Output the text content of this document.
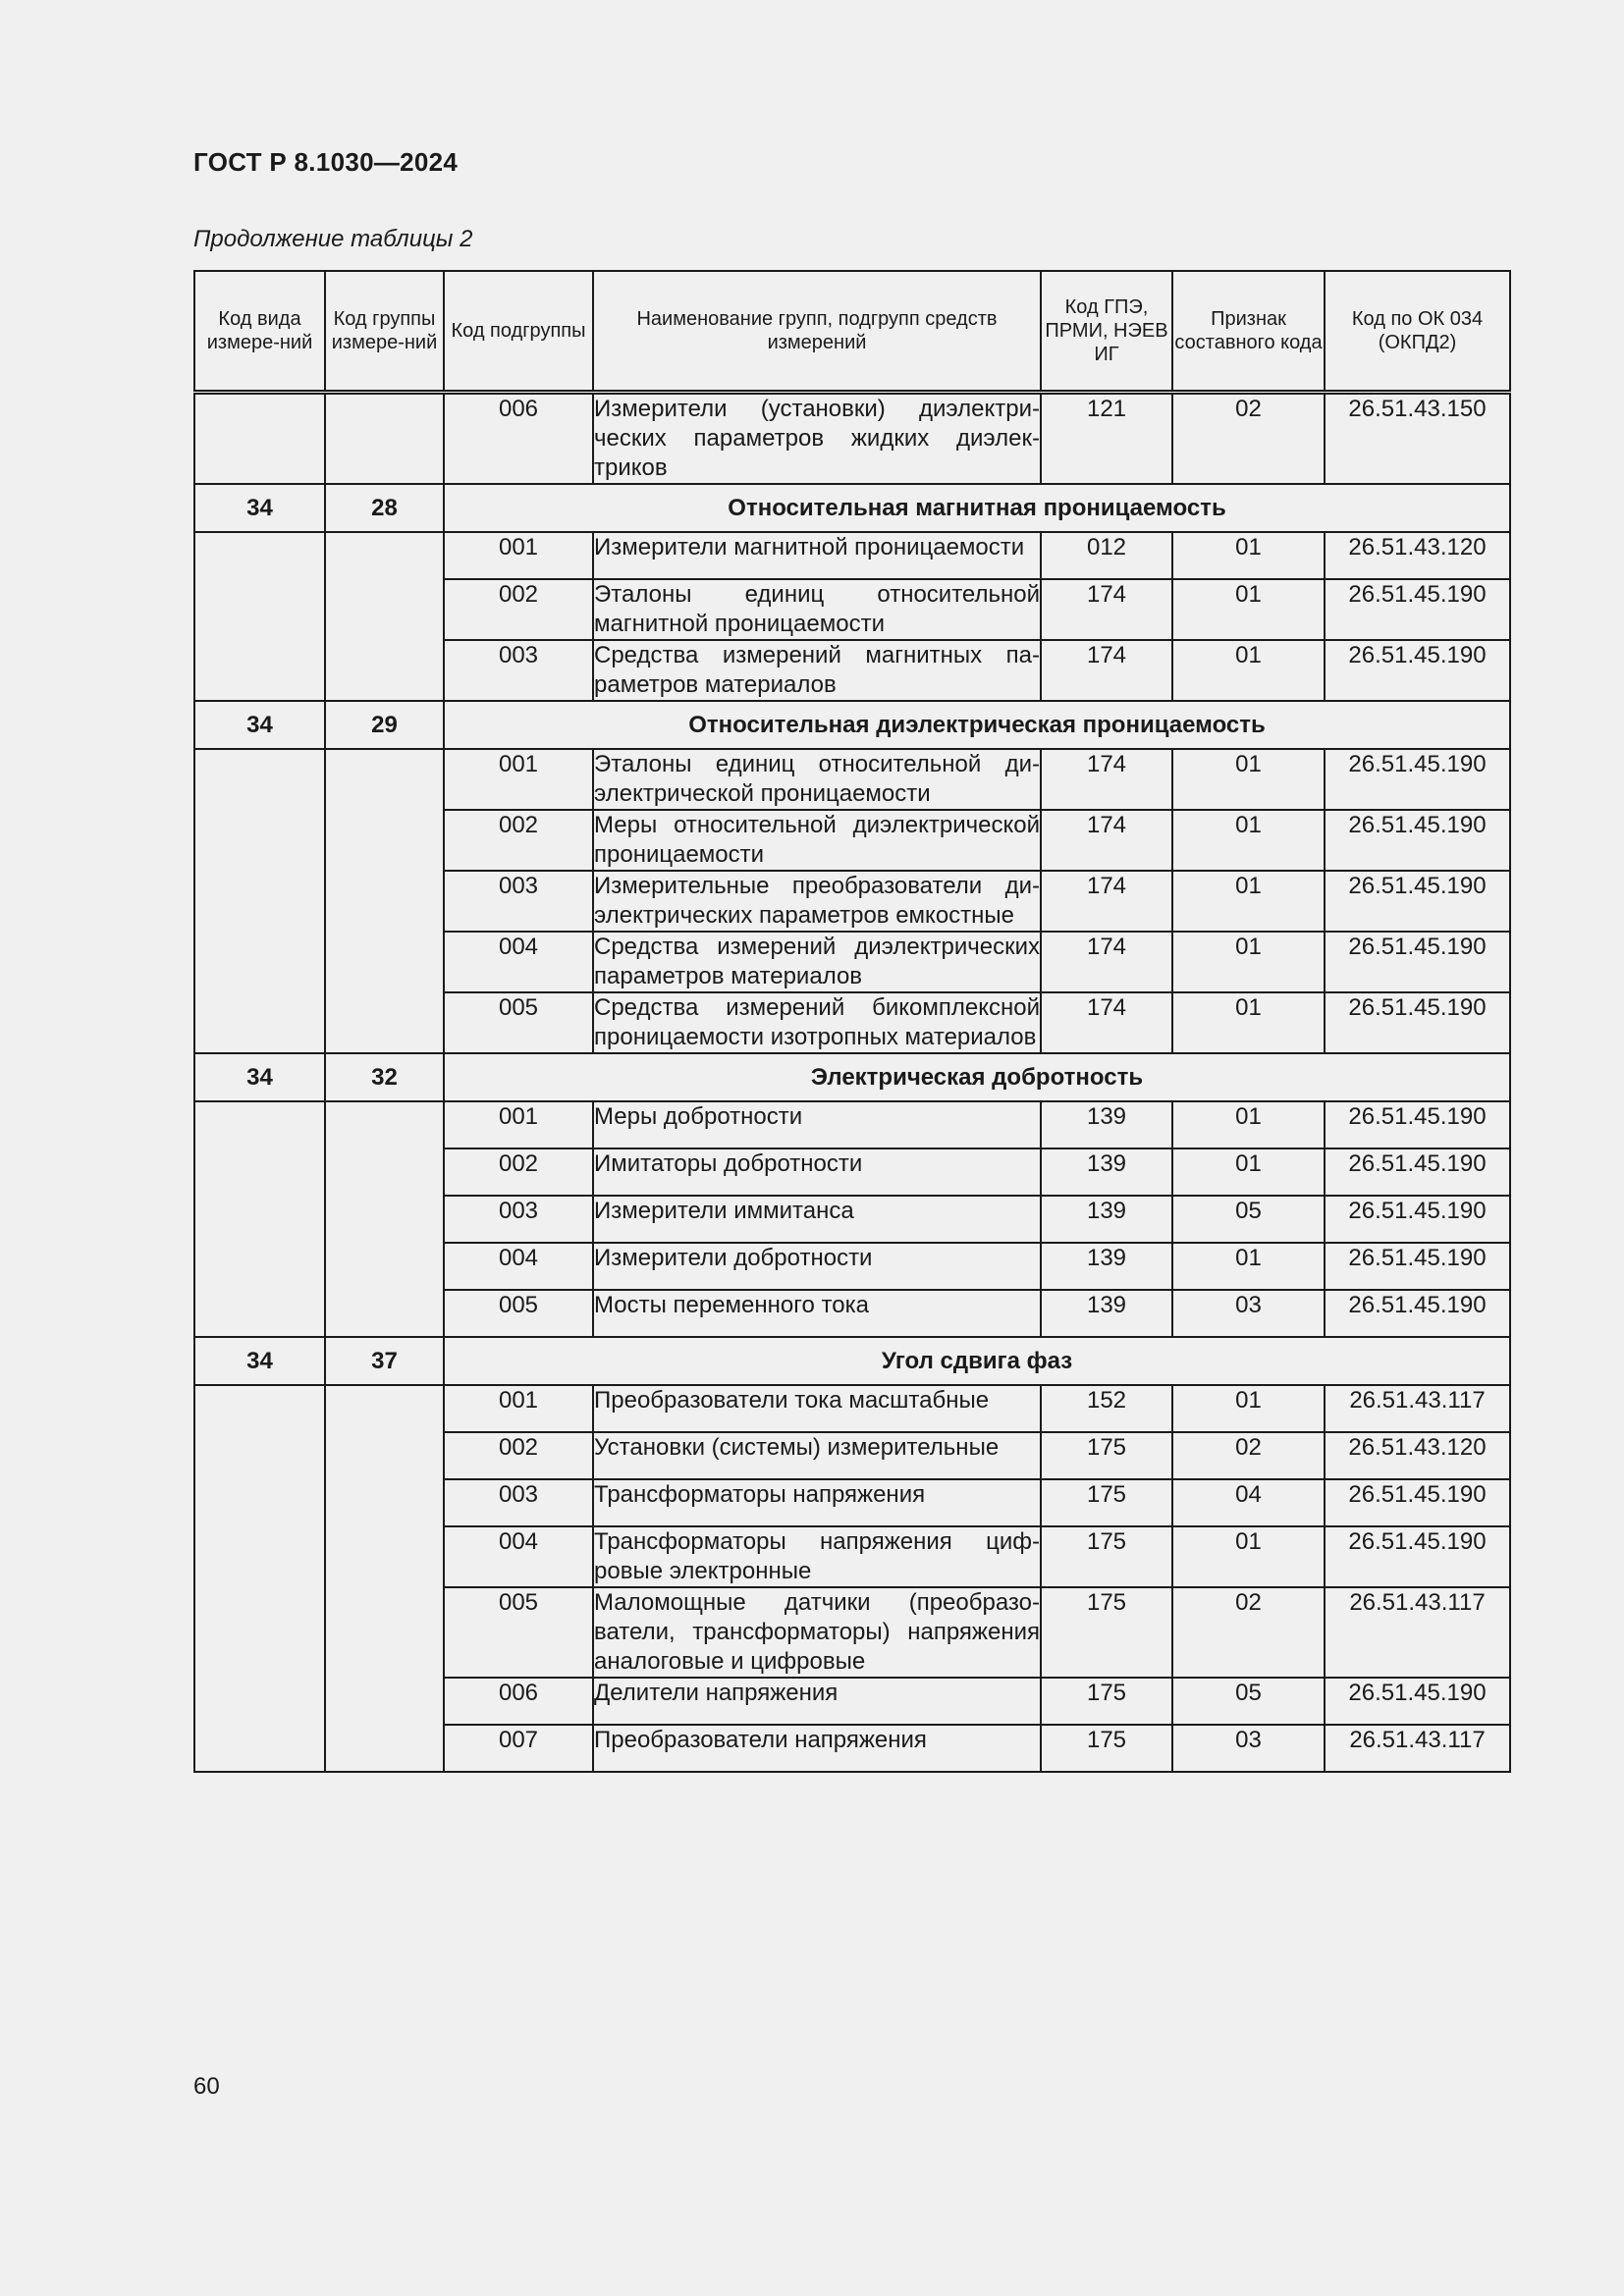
ГОСТ Р 8.1030—2024
Продолжение таблицы 2
Код вида измере-ний	Код группы измере-ний	Код подгруппы	Наименование групп, подгрупп средств измерений	Код ГПЭ, ПРМИ, НЭЕВ ИГ	Признак составного кода	Код по ОК 034 (ОКПД2)
		006	Измерители (установки) диэлектрических параметров жидких диэлектриков	121	02	26.51.43.150
34	28	Относительная магнитная проницаемость				
		001	Измерители магнитной проницаемости	012	01	26.51.43.120
		002	Эталоны единиц относительной магнитной проницаемости	174	01	26.51.45.190
		003	Средства измерений магнитных параметров материалов	174	01	26.51.45.190
34	29	Относительная диэлектрическая проницаемость				
		001	Эталоны единиц относительной диэлектрической проницаемости	174	01	26.51.45.190
		002	Меры относительной диэлектрической проницаемости	174	01	26.51.45.190
		003	Измерительные преобразователи диэлектрических параметров емкостные	174	01	26.51.45.190
		004	Средства измерений диэлектрических параметров материалов	174	01	26.51.45.190
		005	Средства измерений бикомплексной проницаемости изотропных материалов	174	01	26.51.45.190
34	32	Электрическая добротность				
		001	Меры добротности	139	01	26.51.45.190
		002	Имитаторы добротности	139	01	26.51.45.190
		003	Измерители иммитанса	139	05	26.51.45.190
		004	Измерители добротности	139	01	26.51.45.190
		005	Мосты переменного тока	139	03	26.51.45.190
34	37	Угол сдвига фаз				
		001	Преобразователи тока масштабные	152	01	26.51.43.117
		002	Установки (системы) измерительные	175	02	26.51.43.120
		003	Трансформаторы напряжения	175	04	26.51.45.190
		004	Трансформаторы напряжения цифровые электронные	175	01	26.51.45.190
		005	Маломощные датчики (преобразователи, трансформаторы) напряжения аналоговые и цифровые	175	02	26.51.43.117
		006	Делители напряжения	175	05	26.51.45.190
		007	Преобразователи напряжения	175	03	26.51.43.117
60
